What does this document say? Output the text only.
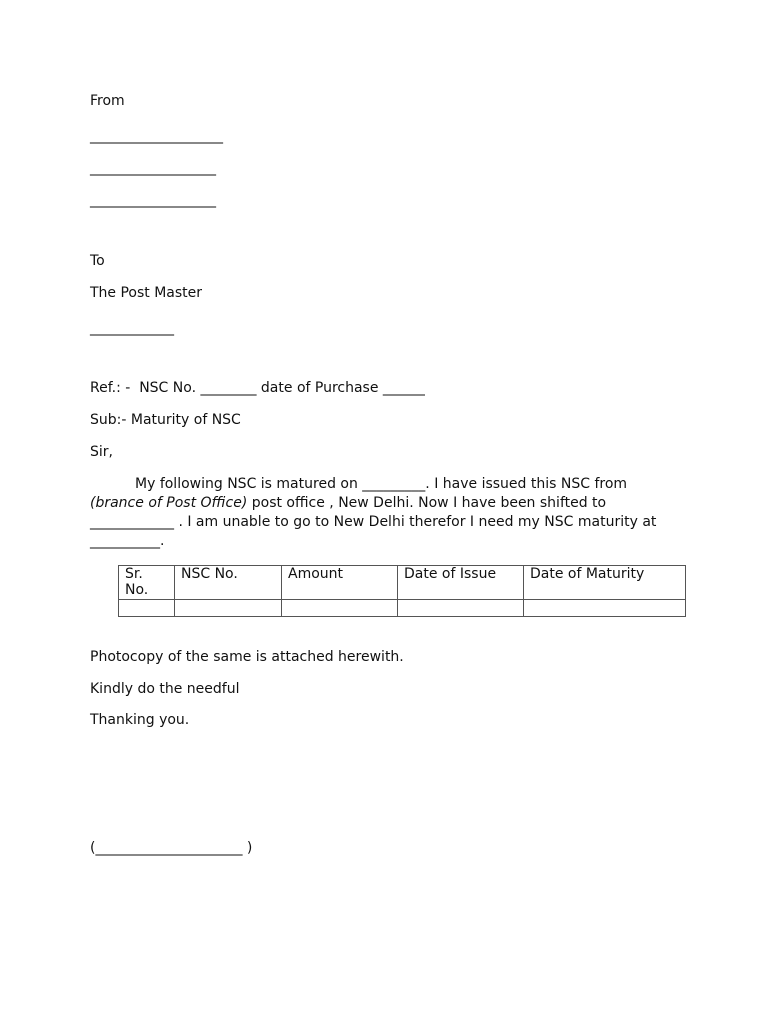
From
___________________
__________________
__________________
To
The Post Master
____________
Ref.: -  NSC No. ________ date of Purchase ______
Sub:- Maturity of NSC
Sir,
My following NSC is matured on _________. I have issued this NSC from
(brance of Post Office) post office , New Delhi. Now I have been shifted to
____________ . I am unable to go to New Delhi therefor I need my NSC maturity at
__________.
Sr.
No.	NSC No.	Amount	Date of Issue	Date of Maturity

Photocopy of the same is attached herewith.
Kindly do the needful
Thanking you.
(_____________________ )
